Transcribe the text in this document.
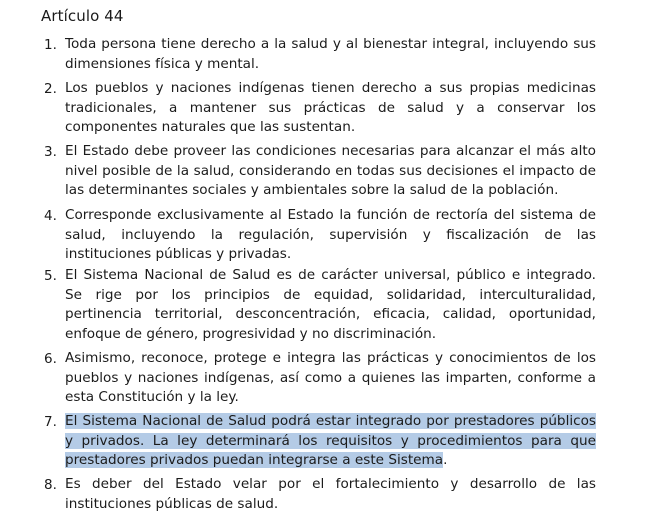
Artículo 44
1. Toda persona tiene derecho a la salud y al bienestar integral, incluyendo sus dimensiones física y mental.
2. Los pueblos y naciones indígenas tienen derecho a sus propias medicinas tradicionales, a mantener sus prácticas de salud y a conservar los componentes naturales que las sustentan.
3. El Estado debe proveer las condiciones necesarias para alcanzar el más alto nivel posible de la salud, considerando en todas sus decisiones el impacto de las determinantes sociales y ambientales sobre la salud de la población.
4. Corresponde exclusivamente al Estado la función de rectoría del sistema de salud, incluyendo la regulación, supervisión y fiscalización de las instituciones públicas y privadas.
5. El Sistema Nacional de Salud es de carácter universal, público e integrado. Se rige por los principios de equidad, solidaridad, interculturalidad, pertinencia territorial, desconcentración, eficacia, calidad, oportunidad, enfoque de género, progresividad y no discriminación.
6. Asimismo, reconoce, protege e integra las prácticas y conocimientos de los pueblos y naciones indígenas, así como a quienes las imparten, conforme a esta Constitución y la ley.
7. El Sistema Nacional de Salud podrá estar integrado por prestadores públicos y privados. La ley determinará los requisitos y procedimientos para que prestadores privados puedan integrarse a este Sistema.
8. Es deber del Estado velar por el fortalecimiento y desarrollo de las instituciones públicas de salud.
